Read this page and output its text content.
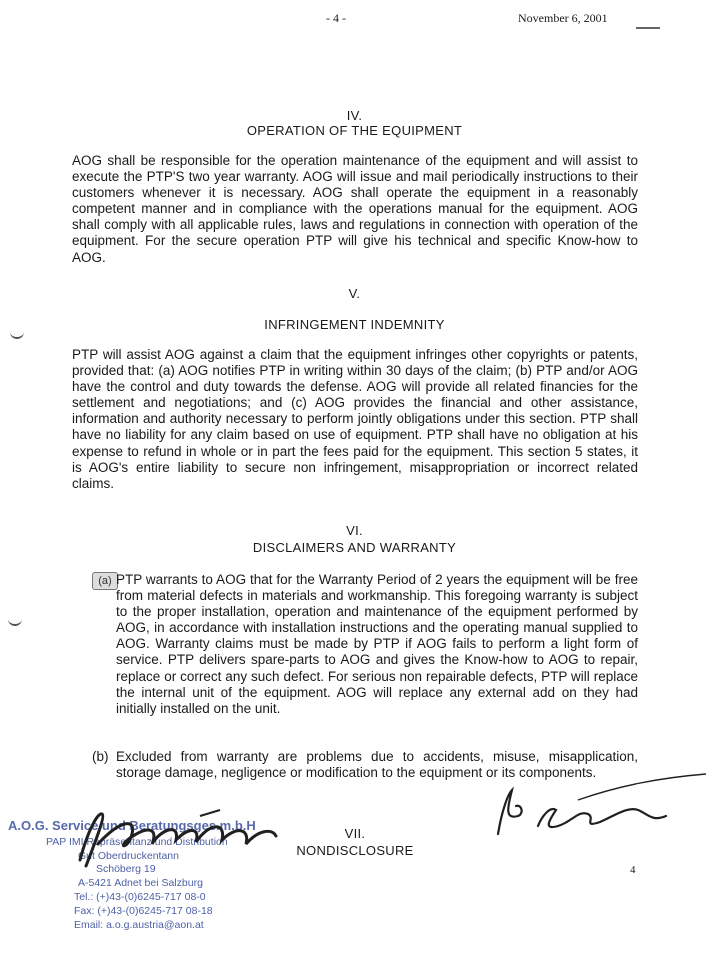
- 4 -	November 6, 2001
IV.
OPERATION OF THE EQUIPMENT
AOG shall be responsible for the operation maintenance of the equipment and will assist to execute the PTP'S two year warranty. AOG will issue and mail periodically instructions to their customers whenever it is necessary. AOG shall operate the equipment in a reasonably competent manner and in compliance with the operations manual for the equipment. AOG shall comply with all applicable rules, laws and regulations in connection with operation of the equipment. For the secure operation PTP will give his technical and specific Know-how to AOG.
V.
INFRINGEMENT INDEMNITY
PTP will assist AOG against a claim that the equipment infringes other copyrights or patents, provided that: (a) AOG notifies PTP in writing within 30 days of the claim; (b) PTP and/or AOG have the control and duty towards the defense. AOG will provide all related financies for the settlement and negotiations; and (c) AOG provides the financial and other assistance, information and authority necessary to perform jointly obligations under this section. PTP shall have no liability for any claim based on use of equipment. PTP shall have no obligation at his expense to refund in whole or in part the fees paid for the equipment. This section 5 states, it is AOG's entire liability to secure non infringement, misappropriation or incorrect related claims.
VI.
DISCLAIMERS AND WARRANTY
(a) PTP warrants to AOG that for the Warranty Period of 2 years the equipment will be free from material defects in materials and workmanship. This foregoing warranty is subject to the proper installation, operation and maintenance of the equipment performed by AOG, in accordance with installation instructions and the operating manual supplied to AOG. Warranty claims must be made by PTP if AOG fails to perform a light form of service. PTP delivers spare-parts to AOG and gives the Know-how to AOG to repair, replace or correct any such defect. For serious non repairable defects, PTP will replace the internal unit of the equipment. AOG will replace any external add on they had initially installed on the unit.
(b) Excluded from warranty are problems due to accidents, misuse, misapplication, storage damage, negligence or modification to the equipment or its components.
VII.
NONDISCLOSURE
A.O.G. Service und Beratungsges.m.b.H
PAP IMI Repräsentanz und Distribution
Gut Oberdruckentann
Schöberg 19
A-5421 Adnet bei Salzburg
Tel.: (+)43-(0)6245-717 08-0
Fax: (+)43-(0)6245-717 08-18
Email: a.o.g.austria@aon.at
4
